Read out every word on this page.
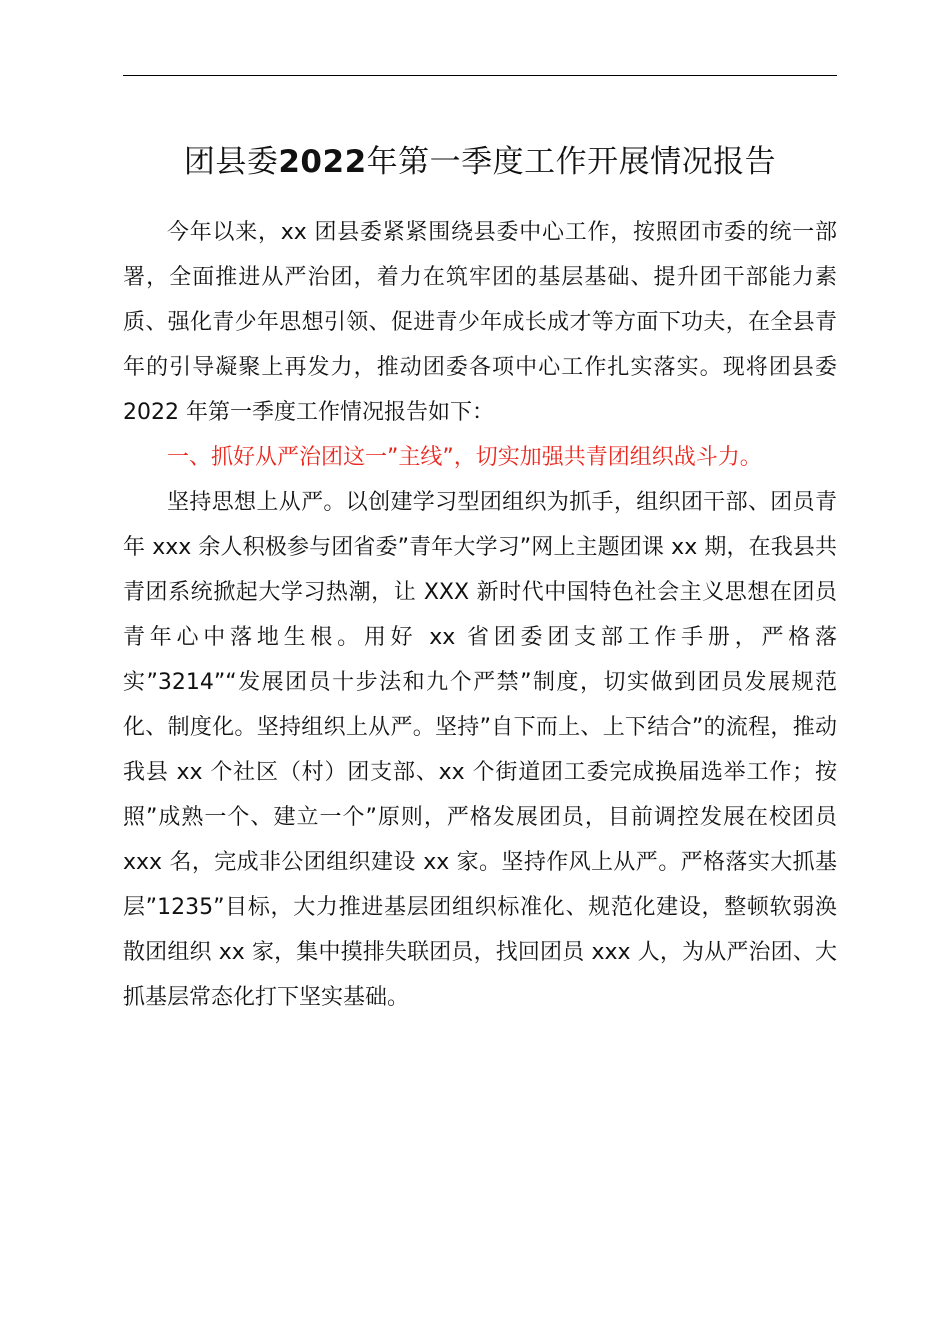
团县委2022年第一季度工作开展情况报告

今年以来，xx 团县委紧紧围绕县委中心工作，按照团市委的统一部署，全面推进从严治团，着力在筑牢团的基层基础、提升团干部能力素质、强化青少年思想引领、促进青少年成长成才等方面下功夫，在全县青年的引导凝聚上再发力，推动团委各项中心工作扎实落实。现将团县委 2022 年第一季度工作情况报告如下：

一、抓好从严治团这一”主线”，切实加强共青团组织战斗力。

坚持思想上从严。以创建学习型团组织为抓手，组织团干部、团员青年 xxx 余人积极参与团省委”青年大学习”网上主题团课 xx 期，在我县共青团系统掀起大学习热潮，让 XXX 新时代中国特色社会主义思想在团员青年心中落地生根。用好 xx 省团委团支部工作手册，严格落实”3214”“发展团员十步法和九个严禁”制度，切实做到团员发展规范化、制度化。坚持组织上从严。坚持”自下而上、上下结合”的流程，推动我县 xx 个社区（村）团支部、xx 个街道团工委完成换届选举工作；按照”成熟一个、建立一个”原则，严格发展团员，目前调控发展在校团员 xxx 名，完成非公团组织建设 xx 家。坚持作风上从严。严格落实大抓基层”1235”目标，大力推进基层团组织标准化、规范化建设，整顿软弱涣散团组织 xx 家，集中摸排失联团员，找回团员 xxx 人，为从严治团、大抓基层常态化打下坚实基础。
